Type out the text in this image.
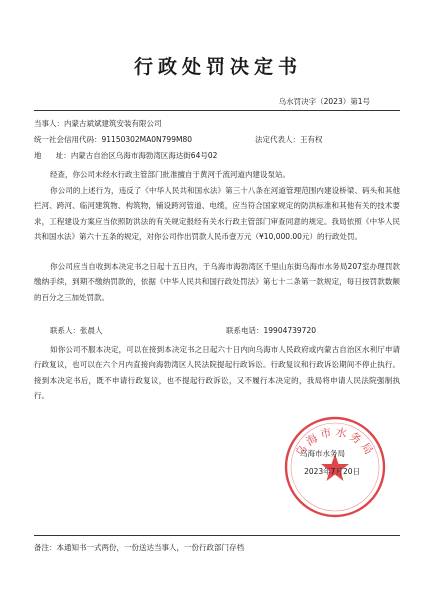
行政处罚决定书
乌水罚决字（2023）第1号
当事人：内蒙古斌斌建筑安装有限公司
统一社会信用代码：91150302MA0N799M80	法定代表人：王有权
地      址：内蒙古自治区乌海市海勃湾区海达街64号02
经查，你公司未经水行政主管部门批准擅自于黄河千流河道内建设泵站。
你公司的上述行为，违反了《中华人民共和国水法》第三十八条在河道管理范围内建设桥梁、码头和其他拦河、跨河、临河建筑物、构筑物，铺设跨河管道、电缆，应当符合国家规定的防洪标准和其他有关的技术要求，工程建设方案应当依照防洪法的有关规定报经有关水行政主管部门审查同意的规定。我局依照《中华人民共和国水法》第六十五条的规定，对你公司作出罚款人民币壹万元（¥10,000.00元）的行政处罚。
你公司应当自收到本决定书之日起十五日内，于乌海市海勃湾区千里山东街乌海市水务局207室办理罚款缴纳手续，到期不缴纳罚款的，依据《中华人民共和国行政处罚法》第七十二条第一款规定，每日按罚款数额的百分之三加处罚款。
联系人：张晨人	联系电话：19904739720
如你公司不服本决定，可以在接到本决定书之日起六十日内向乌海市人民政府或内蒙古自治区水利厅申请行政复议，也可以在六个月内直接向海勃湾区人民法院提起行政诉讼。行政复议和行政诉讼期间不停止执行。接到本决定书后，既不申请行政复议，也不提起行政诉讼，又不履行本决定的，我局将申请人民法院强制执行。
乌海市水务局
乌海市水务局
2023年7月20日
备注：本通知书一式两份，一份送达当事人，一份行政部门存档
